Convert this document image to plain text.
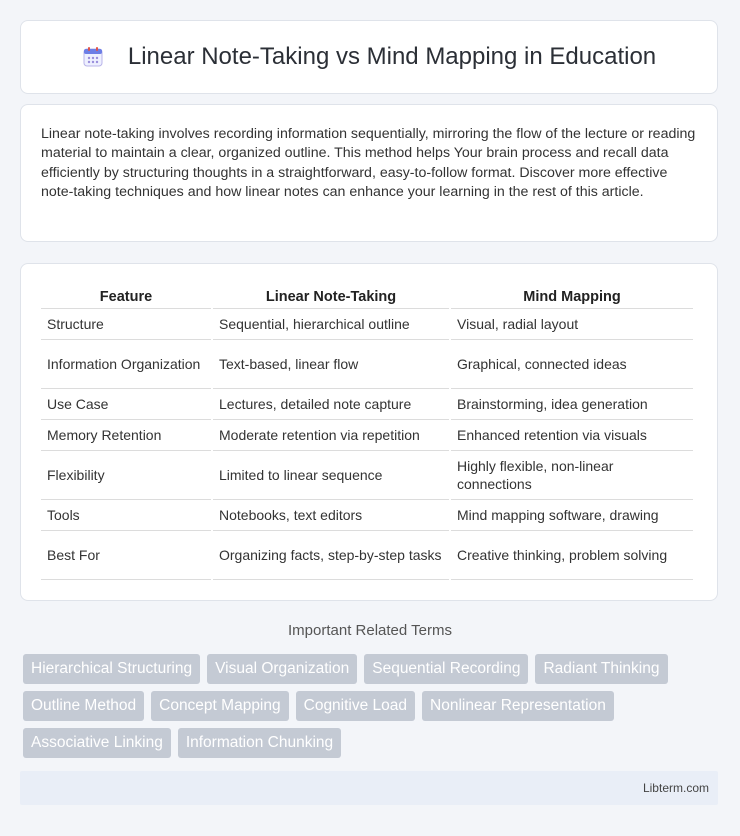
Linear Note-Taking vs Mind Mapping in Education

Linear note-taking involves recording information sequentially, mirroring the flow of the lecture or reading material to maintain a clear, organized outline. This method helps Your brain process and recall data efficiently by structuring thoughts in a straightforward, easy-to-follow format. Discover more effective note-taking techniques and how linear notes can enhance your learning in the rest of this article.

Feature	Linear Note-Taking	Mind Mapping
Structure	Sequential, hierarchical outline	Visual, radial layout
Information Organization	Text-based, linear flow	Graphical, connected ideas
Use Case	Lectures, detailed note capture	Brainstorming, idea generation
Memory Retention	Moderate retention via repetition	Enhanced retention via visuals
Flexibility	Limited to linear sequence	Highly flexible, non-linear connections
Tools	Notebooks, text editors	Mind mapping software, drawing
Best For	Organizing facts, step-by-step tasks	Creative thinking, problem solving
Important Related Terms
Hierarchical Structuring	Visual Organization	Sequential Recording	Radiant Thinking
Outline Method	Concept Mapping	Cognitive Load	Nonlinear Representation
Associative Linking	Information Chunking
Libterm.com
